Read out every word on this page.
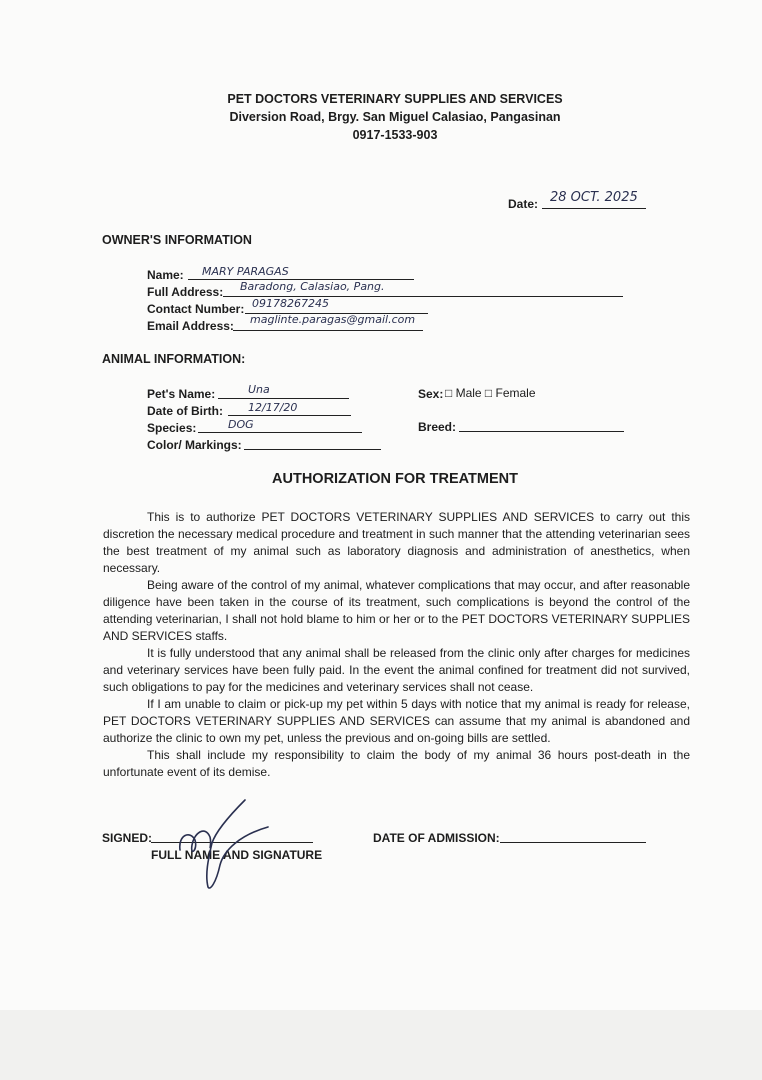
PET DOCTORS VETERINARY SUPPLIES AND SERVICES
Diversion Road, Brgy. San Miguel Calasiao, Pangasinan
0917-1533-903
Date: 28 OCT. 2025
OWNER'S INFORMATION
Name: MARY PARAGAS
Full Address: Baradong, Calasiao, Pang.
Contact Number: 09178267245
Email Address: maglinte.paragas@gmail.com
ANIMAL INFORMATION:
Pet's Name:	Una
Date of Birth: 12/17/20
Species:	DOG
Color/ Markings:
Sex: □ Male □ Female
Breed:
AUTHORIZATION FOR TREATMENT

This is to authorize PET DOCTORS VETERINARY SUPPLIES AND SERVICES to carry out this discretion the necessary medical procedure and treatment in such manner that the attending veterinarian sees the best treatment of my animal such as laboratory diagnosis and administration of anesthetics, when necessary.

Being aware of the control of my animal, whatever complications that may occur, and after reasonable diligence have been taken in the course of its treatment, such complications is beyond the control of the attending veterinarian, I shall not hold blame to him or her or to the PET DOCTORS VETERINARY SUPPLIES AND SERVICES staffs.

It is fully understood that any animal shall be released from the clinic only after charges for medicines and veterinary services have been fully paid. In the event the animal confined for treatment did not survived, such obligations to pay for the medicines and veterinary services shall not cease.

If I am unable to claim or pick-up my pet within 5 days with notice that my animal is ready for release, PET DOCTORS VETERINARY SUPPLIES AND SERVICES can assume that my animal is abandoned and authorize the clinic to own my pet, unless the previous and on-going bills are settled.

This shall include my responsibility to claim the body of my animal 36 hours post-death in the unfortunate event of its demise.

SIGNED:
FULL NAME AND SIGNATURE
DATE OF ADMISSION:
